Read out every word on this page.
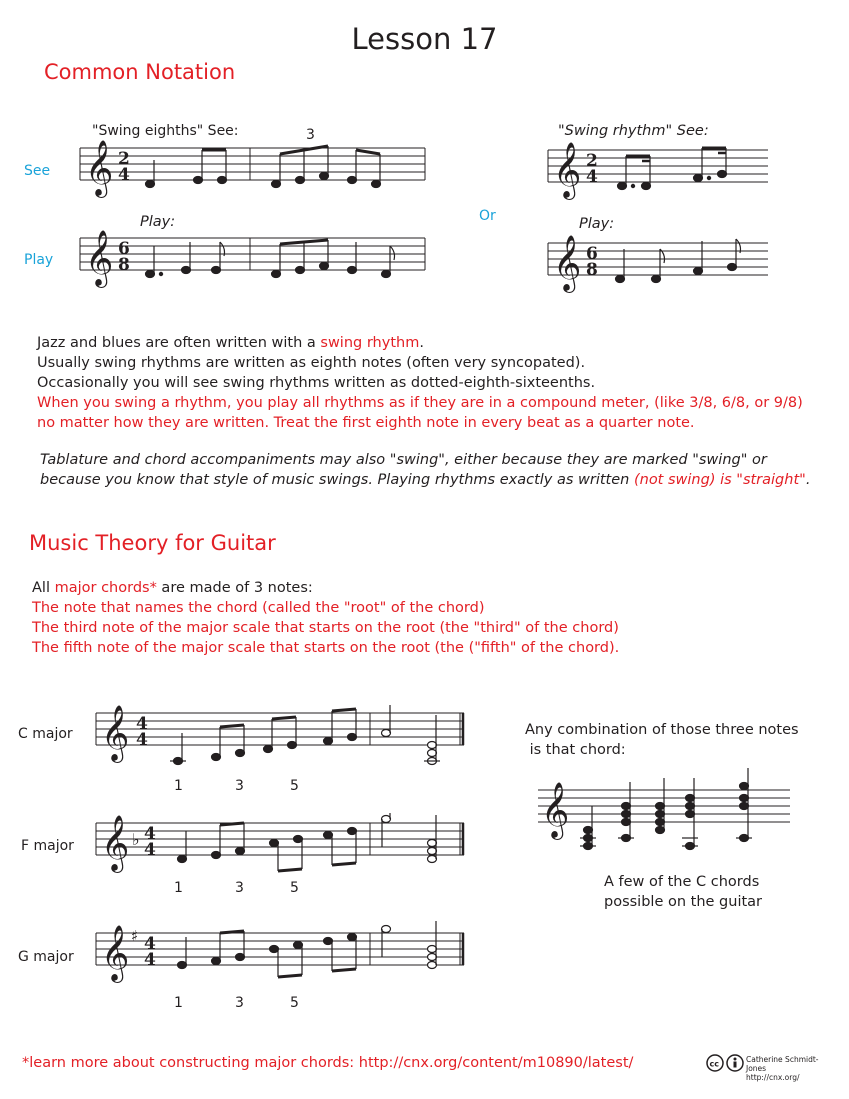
Lesson 17
Common Notation
See
Play
Or
"Swing eighths" See:	3
Play:
"Swing rhythm" See:
Play:
𝄞 2
4
𝄞 6
8
𝄞 2
4
𝄞 6
8
Jazz and blues are often written with a swing rhythm.
Usually swing rhythms are written as eighth notes (often very syncopated).
Occasionally you will see swing rhythms written as dotted-eighth-sixteenths.
When you swing a rhythm, you play all rhythms as if they are in a compound meter, (like 3/8, 6/8, or 9/8)
no matter how they are written. Treat the first eighth note in every beat as a quarter note.
Tablature and chord accompaniments may also "swing", either because they are marked "swing" or
because you know that style of music swings. Playing rhythms exactly as written (not swing) is "straight".
Music Theory for Guitar
All major chords* are made of 3 notes:
The note that names the chord (called the "root" of the chord)
The third note of the major scale that starts on the root (the "third" of the chord)
The fifth note of the major scale that starts on the root (the ("fifth" of the chord).
C major
F major
G major
𝄞 4
4
1	3	5
𝄞 ♭ 4
4
1	3	5
𝄞 ♯ 4
4
1	3	5
Any combination of those three notes
is that chord:
𝄞
A few of the C chords
possible on the guitar
*learn more about constructing major chords: http://cnx.org/content/m10890/latest/	cc	Catherine Schmidt-Jones
http://cnx.org/
